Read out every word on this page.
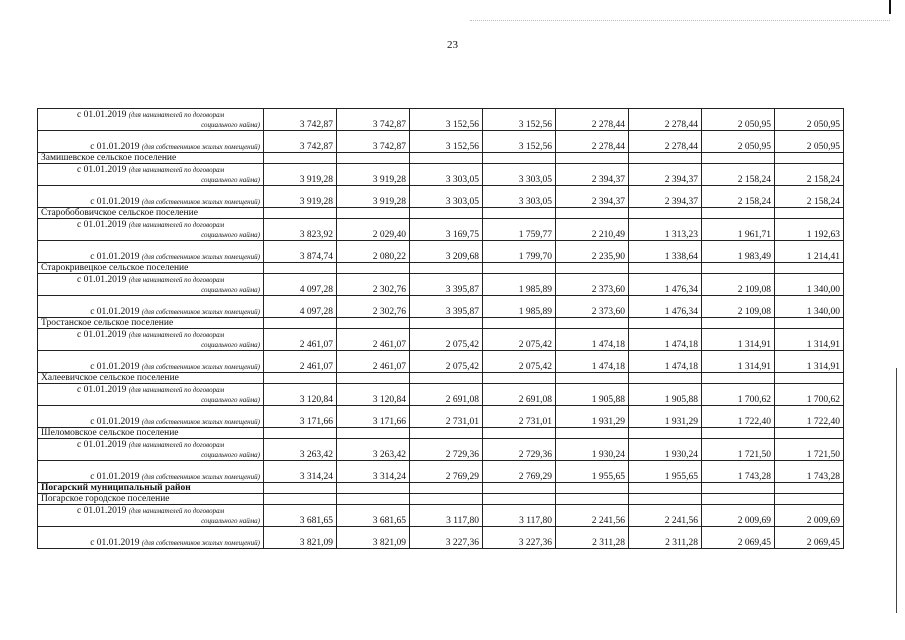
23
с 01.01.2019 (для нанимателей по договорам
социального найма)	3 742,87	3 742,87	3 152,56	3 152,56	2 278,44	2 278,44	2 050,95	2 050,95
с 01.01.2019 (для собственников жилых помещений)	3 742,87	3 742,87	3 152,56	3 152,56	2 278,44	2 278,44	2 050,95	2 050,95
Замишевское сельское поселение								

с 01.01.2019 (для нанимателей по договорам
социального найма)	3 919,28	3 919,28	3 303,05	3 303,05	2 394,37	2 394,37	2 158,24	2 158,24
с 01.01.2019 (для собственников жилых помещений)	3 919,28	3 919,28	3 303,05	3 303,05	2 394,37	2 394,37	2 158,24	2 158,24
Старобобовичское сельское поселение								

с 01.01.2019 (для нанимателей по договорам
социального найма)	3 823,92	2 029,40	3 169,75	1 759,77	2 210,49	1 313,23	1 961,71	1 192,63
с 01.01.2019 (для собственников жилых помещений)	3 874,74	2 080,22	3 209,68	1 799,70	2 235,90	1 338,64	1 983,49	1 214,41
Старокривецкое сельское поселение								

с 01.01.2019 (для нанимателей по договорам
социального найма)	4 097,28	2 302,76	3 395,87	1 985,89	2 373,60	1 476,34	2 109,08	1 340,00
с 01.01.2019 (для собственников жилых помещений)	4 097,28	2 302,76	3 395,87	1 985,89	2 373,60	1 476,34	2 109,08	1 340,00
Тростанское сельское поселение								

с 01.01.2019 (для нанимателей по договорам
социального найма)	2 461,07	2 461,07	2 075,42	2 075,42	1 474,18	1 474,18	1 314,91	1 314,91
с 01.01.2019 (для собственников жилых помещений)	2 461,07	2 461,07	2 075,42	2 075,42	1 474,18	1 474,18	1 314,91	1 314,91
Халеевичское сельское поселение								

с 01.01.2019 (для нанимателей по договорам
социального найма)	3 120,84	3 120,84	2 691,08	2 691,08	1 905,88	1 905,88	1 700,62	1 700,62
с 01.01.2019 (для собственников жилых помещений)	3 171,66	3 171,66	2 731,01	2 731,01	1 931,29	1 931,29	1 722,40	1 722,40
Шеломовское сельское поселение								

с 01.01.2019 (для нанимателей по договорам
социального найма)	3 263,42	3 263,42	2 729,36	2 729,36	1 930,24	1 930,24	1 721,50	1 721,50
с 01.01.2019 (для собственников жилых помещений)	3 314,24	3 314,24	2 769,29	2 769,29	1 955,65	1 955,65	1 743,28	1 743,28
Погарский муниципальный район								
Погарское городское поселение								

с 01.01.2019 (для нанимателей по договорам
социального найма)	3 681,65	3 681,65	3 117,80	3 117,80	2 241,56	2 241,56	2 009,69	2 009,69
с 01.01.2019 (для собственников жилых помещений)	3 821,09	3 821,09	3 227,36	3 227,36	2 311,28	2 311,28	2 069,45	2 069,45
